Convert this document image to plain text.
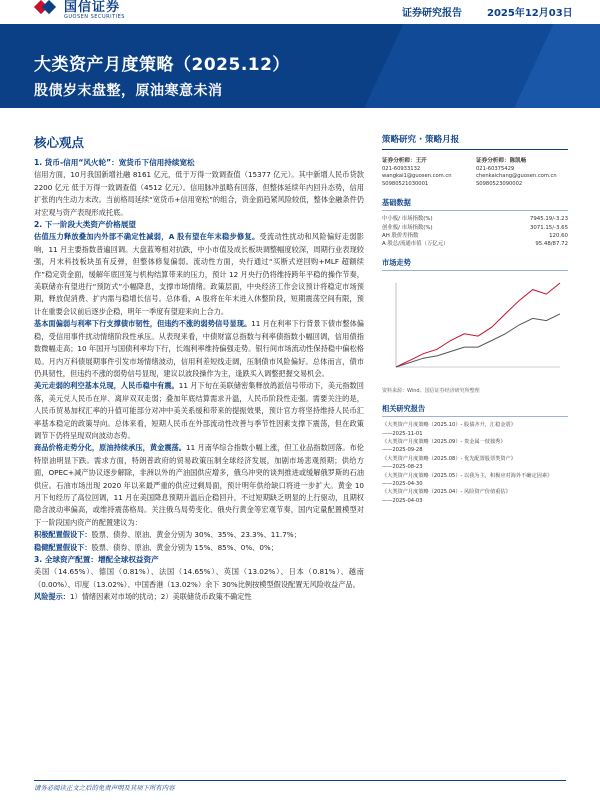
国信证券
GUOSEN SECURITIES	证券研究报告	2025年12月03日
大类资产月度策略（2025.12）
股债岁末盘整，原油寒意未消
核心观点
1. 货币-信用“风火轮”：宽货币下信用持续宽松
信用方面，10月我国新增社融 8161 亿元，低于万得一致调查值（15377 亿元）。其中新增人民币贷款 2200 亿元 低于万得一致调查值（4512 亿元）。信用脉冲虽略有回落，但整体延续年内回升态势，信用扩张的内生动力未改。当前格局延续“宽货币+信用宽松”的组合，资金面趋紧风险较低，整体金融条件仍对宏观与资产表现形成托底。
2. 下一阶段大类资产价格展望
估值压力释放叠加内外部不确定性减弱，A 股有望在年末稳步修复。受流动性扰动和风险偏好走弱影响，11 月主要指数普遍回调。大盘蓝筹相对抗跌，中小市值及成长板块调整幅度较深，周期行业表现较强，月末科技板块虽有反弹，但整体修复偏弱。流动性方面，央行通过“买断式逆回购+MLF 超额续作”稳定资金面，缓解年底回笼与机构结算带来的压力，预计 12 月央行仍将维持跨年平稳的操作节奏，美联储亦有望进行“预防式”小幅降息，支撑市场情绪。政策层面，中央经济工作会议预计将稳定市场预期，释放促消费、扩内需与稳增长信号。总体看，A 股将在年末进入休整阶段，短期震荡空间有限，预计在重要会议前后逐步企稳，明年一季度有望迎来向上合力。
基本面偏弱与利率下行支撑债市韧性，但违约不涨的弱势信号显现。11 月在利率下行背景下债市整体偏稳，受信用事件扰动情绪阶段性承压。从表现来看，中债财富总指数与利率债指数小幅回调，信用债指数微幅走高；10 年国开与国债利率均下行，长端利率维持偏强走势。银行间市场流动性保持稳中偏松格局。月内万科债展期事件引发市场情绪波动，信用利差短线走阔，压制债市风险偏好。总体而言，债市仍具韧性，但违约不涨的弱势信号显现，建议以波段操作为主，逢跌买入调整把握交易机会。
美元走弱的利空基本兑现，人民币稳中有震。11 月下旬在美联储密集释放鸽派信号带动下，美元指数回落，美元兑人民币在岸、离岸双双走弱；叠加年底结算需求升温，人民币阶段性走强。需要关注的是，人民币贸易加权汇率的升值可能部分对冲中美关系缓和带来的提振效果，预计官方将坚持维持人民币汇率基本稳定的政策导向。总体来看，短期人民币在外部流动性改善与季节性因素支撑下震荡，但在政策调节下仍将呈现双向波动态势。
商品价格走势分化，原油持续承压，黄金震荡。11 月南华综合指数小幅上涨，但工业品指数回落。布伦特原油明显下跌。需求方面，特朗普政府的贸易政策压制全球经济发展，加剧市场悲观预期；供给方面，OPEC+减产协议逐步解除，非洲以外的产油国供应增多，俄乌冲突的谈判推进或缓解俄罗斯的石油供应。石油市场出现 2020 年以来最严重的供应过剩局面，预计明年供给缺口将进一步扩大。黄金 10 月下旬经历了高位回调，11 月在美国降息预期升温后企稳回升，不过短期缺乏明显的上行驱动，且期权隐含波动率偏高，或维持震荡格局。关注俄乌局势变化、俄央行黄金等宏观节奏，国内定量配置模型对下一阶段国内资产的配置建议为：
积极配置假设下：股票、债券、原油、黄金分别为 30%、35%、23.3%、11.7%；
稳健配置假设下：股票、债券、原油、黄金分别为 15%、85%、0%、0%；
3. 全球资产配置：增配全球权益资产
美国（14.65%）、德国（0.81%）、法国（14.65%）、英国（13.02%）、日本（0.81%）、越南（0.00%）、印度（13.02%）、中国香港（13.02%）余下 30%比例按模型假设配置无风险收益产品。
风险提示：1）情绪因素对市场的扰动；2）美联储货币政策不确定性
策略研究 · 策略月报
证券分析师：王开
021-60933132
wangkai1@guosen.com.cn
S0980521030001
证券分析师：陈凯畅
021-60375429
chenkaichang@guosen.com.cn
S0980523090002
基础数据
中小板/ 市场指数(%)	7945.19/-3.23
创业板/ 市场指数(%)	3071.15/-3.65
AH 股价差指数	120.60
A 股总/流通市值（万亿元）	95.48/87.72
市场走势
资料来源：Wind、国信证券经济研究所整理
相关研究报告
《大类资产月度策略（2025.10）- 股债齐升，汇稳金震》
——2025-11-01
《大类资产月度策略（2025.09）- 贵金属一枝独秀》
——2025-09-28
《大类资产月度策略（2025.08）- 优先配置股票类资产》
——2025-08-23
《大类资产月度策略（2025.05）- 以我为主，积极应对海外不确定因素》
——2025-04-30
《大类资产月度策略（2025.04）- 风险资产价值重估》
——2025-04-03
请务必阅读正文之后的免责声明及其项下所有内容
